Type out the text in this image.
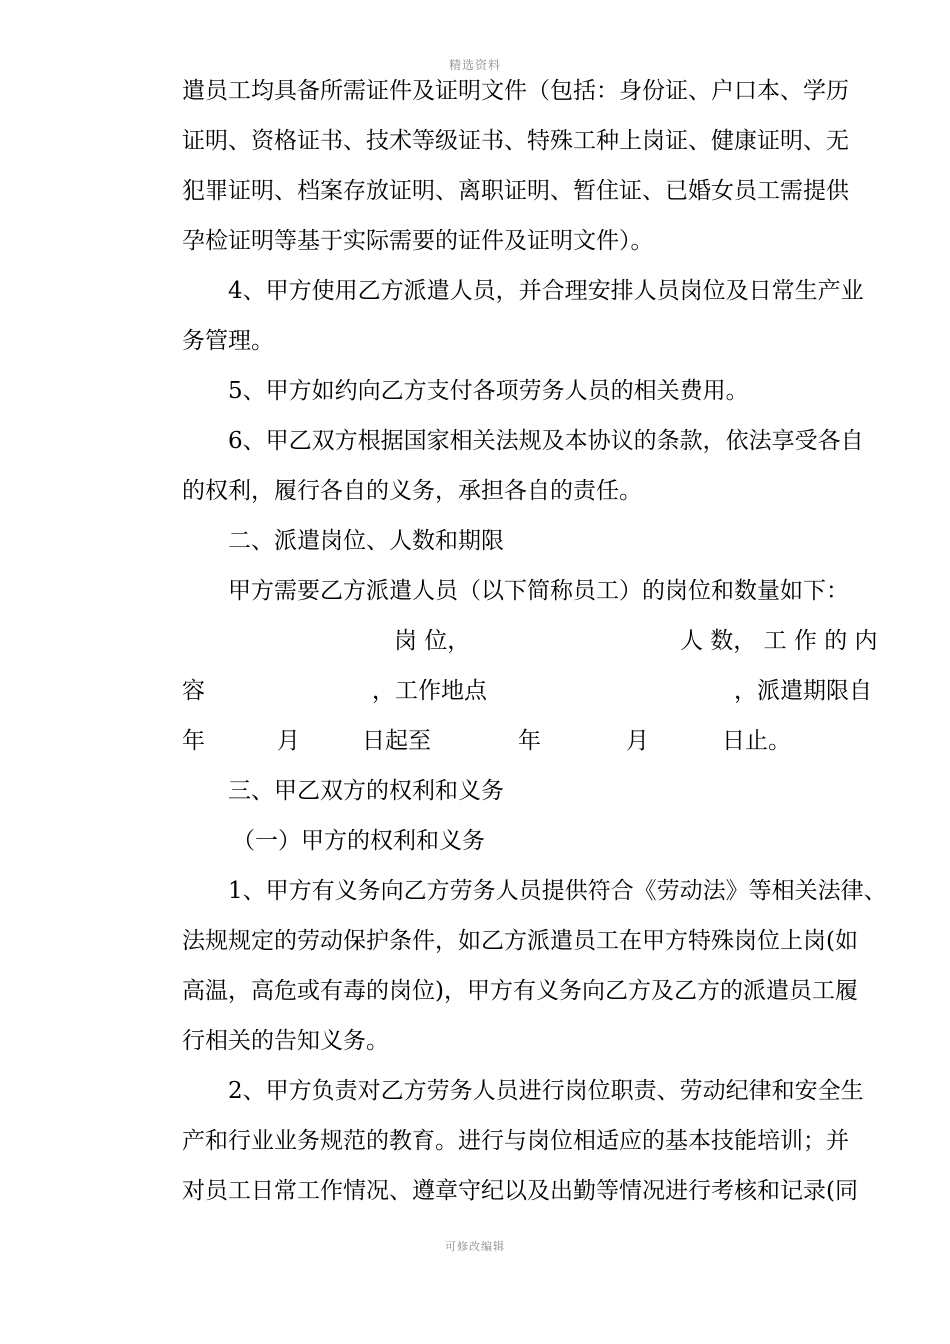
精选资料
遣员工均具备所需证件及证明文件（包括：身份证、户口本、学历
证明、资格证书、技术等级证书、特殊工种上岗证、健康证明、无
犯罪证明、档案存放证明、离职证明、暂住证、已婚女员工需提供
孕检证明等基于实际需要的证件及证明文件）。
4、甲方使用乙方派遣人员，并合理安排人员岗位及日常生产业
务管理。
5、甲方如约向乙方支付各项劳务人员的相关费用。
6、甲乙双方根据国家相关法规及本协议的条款，依法享受各自
的权利，履行各自的义务，承担各自的责任。
二、派遣岗位、人数和期限
甲方需要乙方派遣人员（以下简称员工）的岗位和数量如下：
岗 位，	人 数， 工 作 的 内
容	，工作地点	，派遣期限自
年	月	日起至	年	月	日止。
三、甲乙双方的权利和义务
（一）甲方的权利和义务
1、甲方有义务向乙方劳务人员提供符合《劳动法》等相关法律、
法规规定的劳动保护条件，如乙方派遣员工在甲方特殊岗位上岗(如
高温，高危或有毒的岗位)，甲方有义务向乙方及乙方的派遣员工履
行相关的告知义务。
2、甲方负责对乙方劳务人员进行岗位职责、劳动纪律和安全生
产和行业业务规范的教育。进行与岗位相适应的基本技能培训；并
对员工日常工作情况、遵章守纪以及出勤等情况进行考核和记录(同
可修改编辑
